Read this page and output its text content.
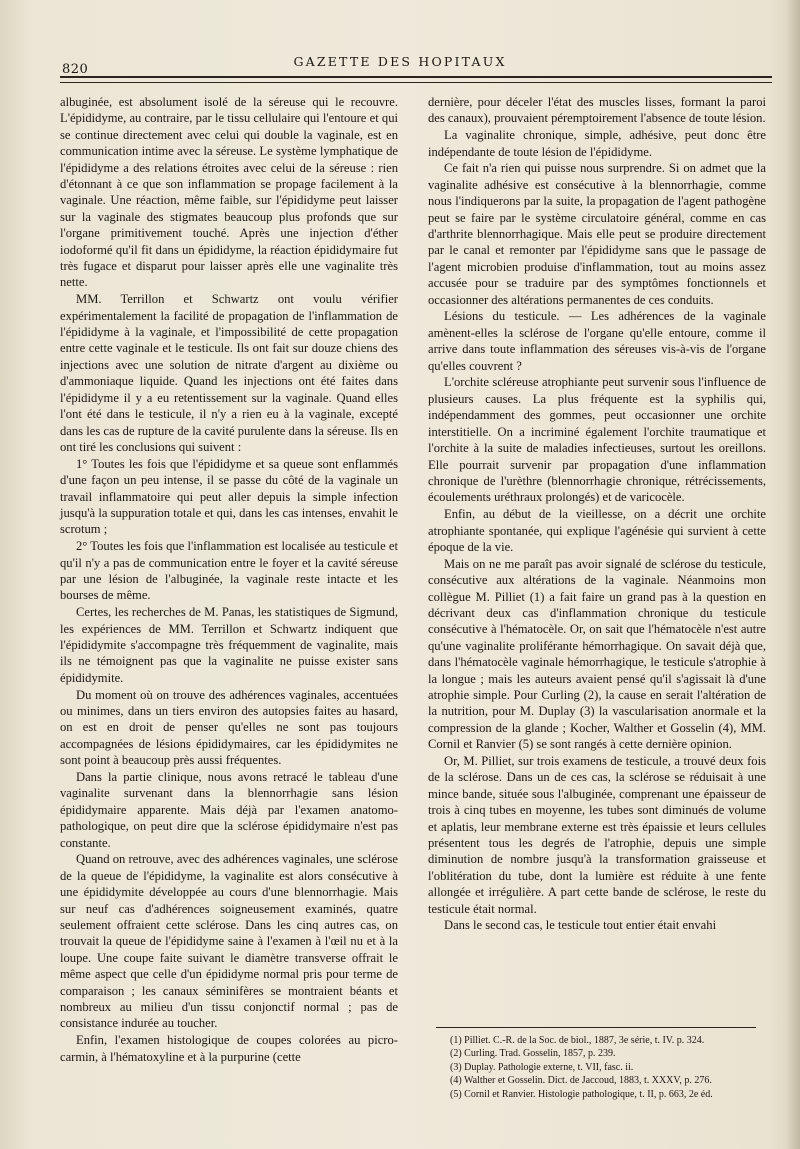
820
GAZETTE DES HOPITAUX

albuginée, est absolument isolé de la séreuse qui le recouvre. L'épididyme, au contraire, par le tissu cellulaire qui l'entoure et qui se continue directement avec celui qui double la vaginale, est en communication intime avec la séreuse. Le système lymphatique de l'épididyme a des relations étroites avec celui de la séreuse : rien d'étonnant à ce que son inflammation se propage facilement à la vaginale. Une réaction, même faible, sur l'épididyme peut laisser sur la vaginale des stigmates beaucoup plus profonds que sur l'organe primitivement touché. Après une injection d'éther iodoformé qu'il fit dans un épididyme, la réaction épididymaire fut très fugace et disparut pour laisser après elle une vaginalite très nette.

MM. Terrillon et Schwartz ont voulu vérifier expérimentalement la facilité de propagation de l'inflammation de l'épididyme à la vaginale, et l'impossibilité de cette propagation entre cette vaginale et le testicule. Ils ont fait sur douze chiens des injections avec une solution de nitrate d'argent au dixième ou d'ammoniaque liquide. Quand les injections ont été faites dans l'épididyme il y a eu retentissement sur la vaginale. Quand elles l'ont été dans le testicule, il n'y a rien eu à la vaginale, excepté dans les cas de rupture de la cavité purulente dans la séreuse. Ils en ont tiré les conclusions qui suivent :

1° Toutes les fois que l'épididyme et sa queue sont enflammés d'une façon un peu intense, il se passe du côté de la vaginale un travail inflammatoire qui peut aller depuis la simple infection jusqu'à la suppuration totale et qui, dans les cas intenses, envahit le scrotum ;

2° Toutes les fois que l'inflammation est localisée au testicule et qu'il n'y a pas de communication entre le foyer et la cavité séreuse par une lésion de l'albuginée, la vaginale reste intacte et les bourses de même.

Certes, les recherches de M. Panas, les statistiques de Sigmund, les expériences de MM. Terrillon et Schwartz indiquent que l'épididymite s'accompagne très fréquemment de vaginalite, mais ils ne témoignent pas que la vaginalite ne puisse exister sans épididymite.

Du moment où on trouve des adhérences vaginales, accentuées ou minimes, dans un tiers environ des autopsies faites au hasard, on est en droit de penser qu'elles ne sont pas toujours accompagnées de lésions épididymaires, car les épididymites ne sont point à beaucoup près aussi fréquentes.

Dans la partie clinique, nous avons retracé le tableau d'une vaginalite survenant dans la blennorrhagie sans lésion épididymaire apparente. Mais déjà par l'examen anatomo-pathologique, on peut dire que la sclérose épididymaire n'est pas constante.

Quand on retrouve, avec des adhérences vaginales, une sclérose de la queue de l'épididyme, la vaginalite est alors consécutive à une épididymite développée au cours d'une blennorrhagie. Mais sur neuf cas d'adhérences soigneusement examinés, quatre seulement offraient cette sclérose. Dans les cinq autres cas, on trouvait la queue de l'épididyme saine à l'examen à l'œil nu et à la loupe. Une coupe faite suivant le diamètre transverse offrait le même aspect que celle d'un épididyme normal pris pour terme de comparaison ; les canaux séminifères se montraient béants et nombreux au milieu d'un tissu conjonctif normal ; pas de consistance indurée au toucher.

Enfin, l'examen histologique de coupes colorées au picro-carmin, à l'hématoxyline et à la purpurine (cette

dernière, pour déceler l'état des muscles lisses, formant la paroi des canaux), prouvaient péremptoirement l'absence de toute lésion.

La vaginalite chronique, simple, adhésive, peut donc être indépendante de toute lésion de l'épididyme.

Ce fait n'a rien qui puisse nous surprendre. Si on admet que la vaginalite adhésive est consécutive à la blennorrhagie, comme nous l'indiquerons par la suite, la propagation de l'agent pathogène peut se faire par le système circulatoire général, comme en cas d'arthrite blennorrhagique. Mais elle peut se produire directement par le canal et remonter par l'épididyme sans que le passage de l'agent microbien produise d'inflammation, tout au moins assez accusée pour se traduire par des symptômes fonctionnels et occasionner des altérations permanentes de ces conduits.

Lésions du testicule. — Les adhérences de la vaginale amènent-elles la sclérose de l'organe qu'elle entoure, comme il arrive dans toute inflammation des séreuses vis-à-vis de l'organe qu'elles couvrent ?

L'orchite scléreuse atrophiante peut survenir sous l'influence de plusieurs causes. La plus fréquente est la syphilis qui, indépendamment des gommes, peut occasionner une orchite interstitielle. On a incriminé également l'orchite traumatique et l'orchite à la suite de maladies infectieuses, surtout les oreillons. Elle pourrait survenir par propagation d'une inflammation chronique de l'urèthre (blennorrhagie chronique, rétrécissements, écoulements uréthraux prolongés) et de varicocèle.

Enfin, au début de la vieillesse, on a décrit une orchite atrophiante spontanée, qui explique l'agénésie qui survient à cette époque de la vie.

Mais on ne me paraît pas avoir signalé de sclérose du testicule, consécutive aux altérations de la vaginale. Néanmoins mon collègue M. Pilliet (1) a fait faire un grand pas à la question en décrivant deux cas d'inflammation chronique du testicule consécutive à l'hématocèle. Or, on sait que l'hématocèle n'est autre qu'une vaginalite proliférante hémorrhagique. On savait déjà que, dans l'hématocèle vaginale hémorrhagique, le testicule s'atrophie à la longue ; mais les auteurs avaient pensé qu'il s'agissait là d'une atrophie simple. Pour Curling (2), la cause en serait l'altération de la nutrition, pour M. Duplay (3) la vascularisation anormale et la compression de la glande ; Kocher, Walther et Gosselin (4), MM. Cornil et Ranvier (5) se sont rangés à cette dernière opinion.

Or, M. Pilliet, sur trois examens de testicule, a trouvé deux fois de la sclérose. Dans un de ces cas, la sclérose se réduisait à une mince bande, située sous l'albuginée, comprenant une épaisseur de trois à cinq tubes en moyenne, les tubes sont diminués de volume et aplatis, leur membrane externe est très épaissie et leurs cellules présentent tous les degrés de l'atrophie, depuis une simple diminution de nombre jusqu'à la transformation graisseuse et l'oblitération du tube, dont la lumière est réduite à une fente allongée et irrégulière. A part cette bande de sclérose, le reste du testicule était normal.

Dans le second cas, le testicule tout entier était envahi

(1) Pilliet. C.-R. de la Soc. de biol., 1887, 3e série, t. IV. p. 324.
(2) Curling. Trad. Gosselin, 1857, p. 239.
(3) Duplay. Pathologie externe, t. VII, fasc. ii.
(4) Walther et Gosselin. Dict. de Jaccoud, 1883, t. XXXV, p. 276.
(5) Cornil et Ranvier. Histologie pathologique, t. II, p. 663, 2e éd.
